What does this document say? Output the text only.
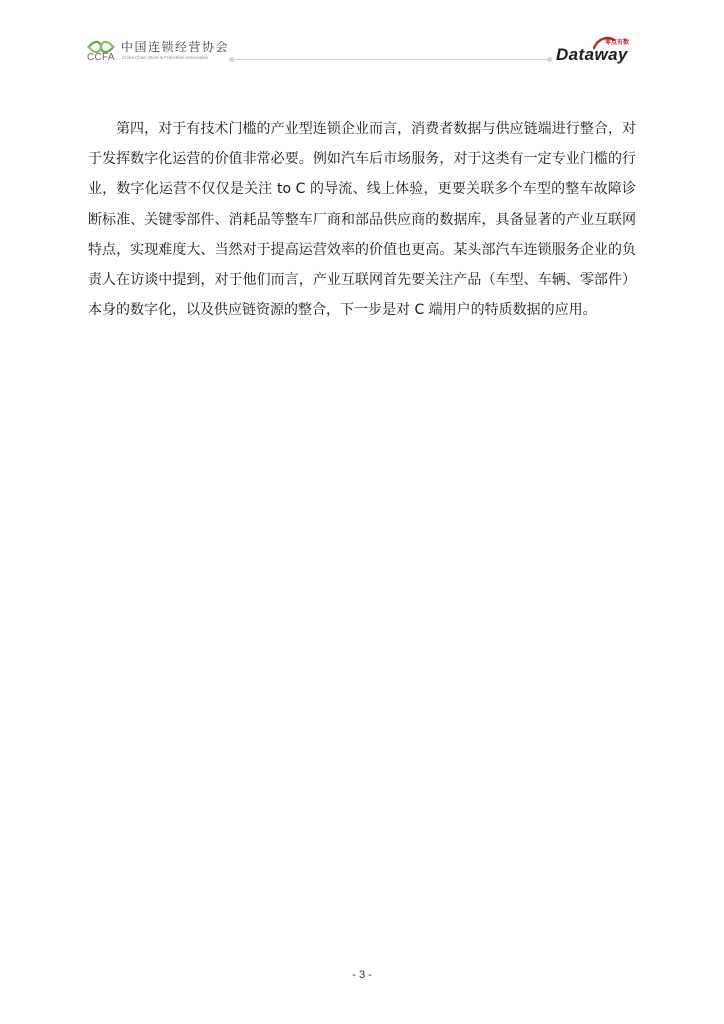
中国连锁经营协会
CCFA China Chain Store & Franchise Association
零点有数
Dataway

第四，对于有技术门槛的产业型连锁企业而言，消费者数据与供应链端进行整合，对于发挥数字化运营的价值非常必要。例如汽车后市场服务，对于这类有一定专业门槛的行业，数字化运营不仅仅是关注 to C 的导流、线上体验，更要关联多个车型的整车故障诊断标准、关键零部件、消耗品等整车厂商和部品供应商的数据库，具备显著的产业互联网特点，实现难度大、当然对于提高运营效率的价值也更高。某头部汽车连锁服务企业的负责人在访谈中提到，对于他们而言，产业互联网首先要关注产品（车型、车辆、零部件）本身的数字化，以及供应链资源的整合，下一步是对 C 端用户的特质数据的应用。

- 3 -
